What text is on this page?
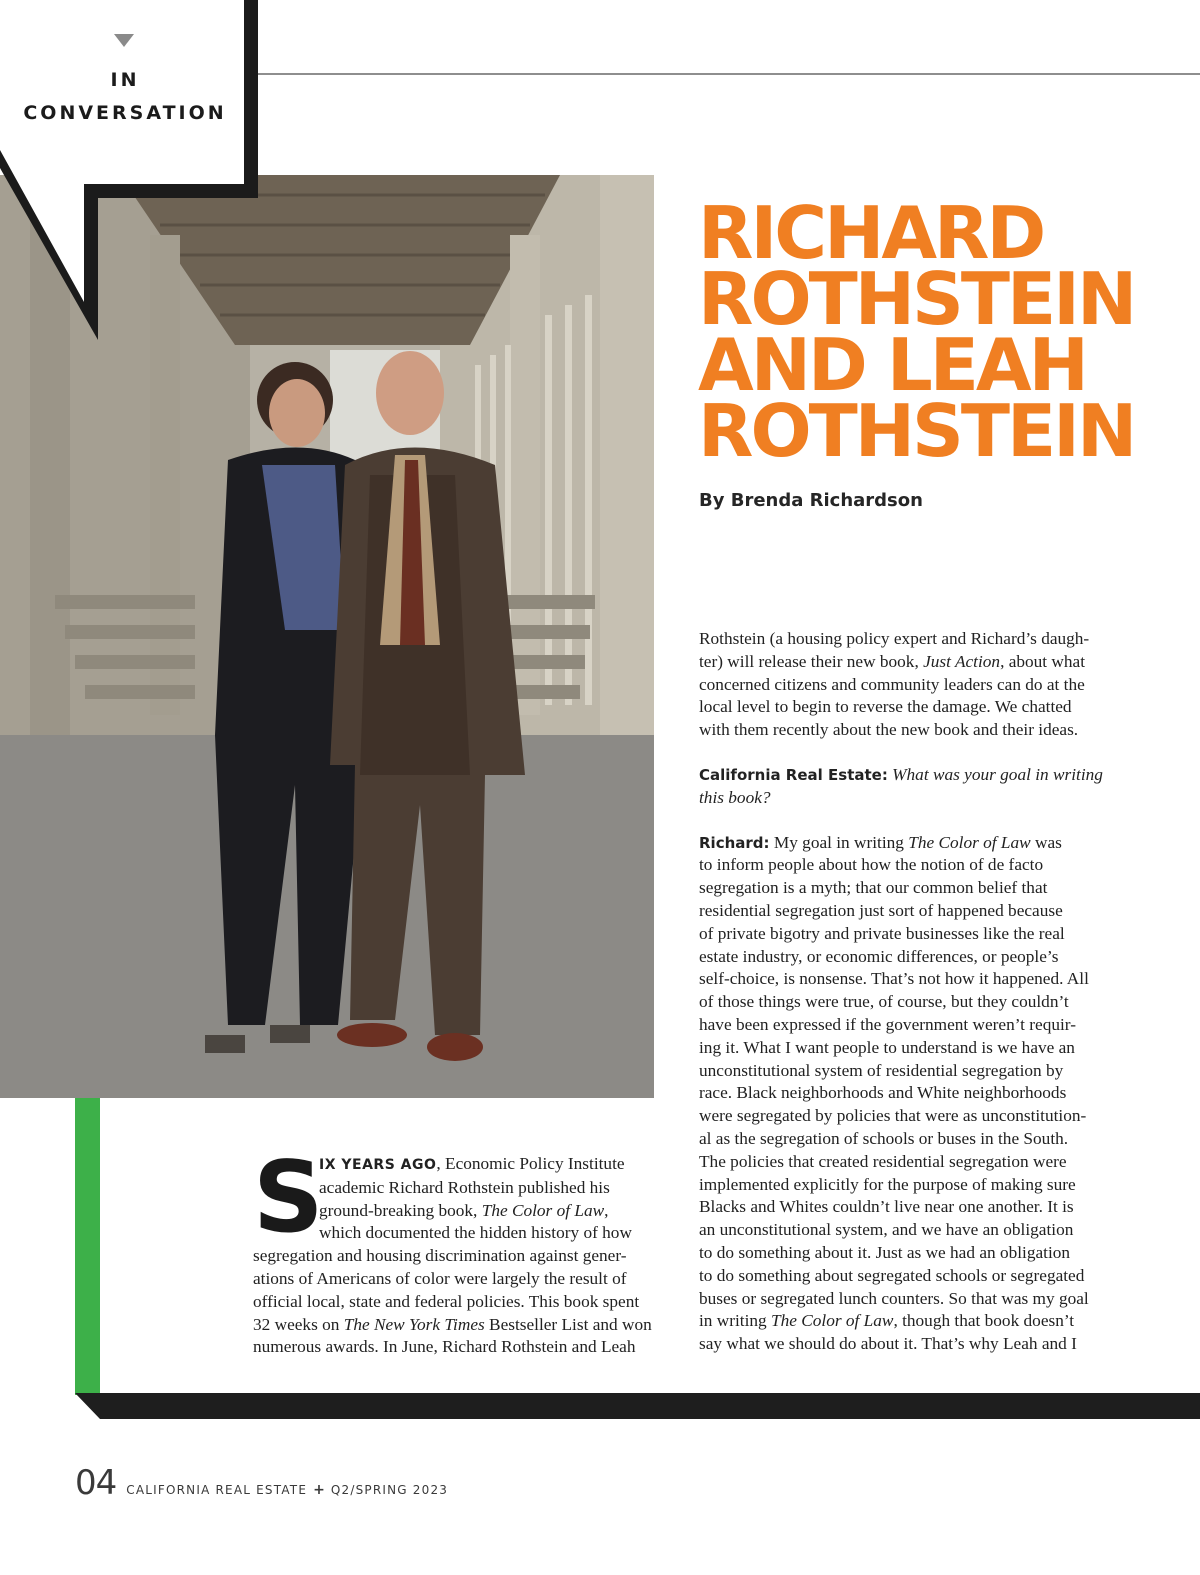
IN
CONVERSATION
RICHARD
ROTHSTEIN
AND LEAH
ROTHSTEIN
By Brenda Richardson
S
IX YEARS AGO, Economic Policy Institute
academic Richard Rothstein published his
ground-breaking book, The Color of Law,
which documented the hidden history of how
segregation and housing discrimination against gener-
ations of Americans of color were largely the result of
official local, state and federal policies. This book spent
32 weeks on The New York Times Bestseller List and won
numerous awards. In June, Richard Rothstein and Leah
Rothstein (a housing policy expert and Richard’s daugh-
ter) will release their new book, Just Action, about what
concerned citizens and community leaders can do at the
local level to begin to reverse the damage. We chatted
with them recently about the new book and their ideas.
California Real Estate: What was your goal in writing
this book?
Richard: My goal in writing The Color of Law was
to inform people about how the notion of de facto
segregation is a myth; that our common belief that
residential segregation just sort of happened because
of private bigotry and private businesses like the real
estate industry, or economic differences, or people’s
self-choice, is nonsense. That’s not how it happened. All
of those things were true, of course, but they couldn’t
have been expressed if the government weren’t requir-
ing it. What I want people to understand is we have an
unconstitutional system of residential segregation by
race. Black neighborhoods and White neighborhoods
were segregated by policies that were as unconstitution-
al as the segregation of schools or buses in the South.
The policies that created residential segregation were
implemented explicitly for the purpose of making sure
Blacks and Whites couldn’t live near one another. It is
an unconstitutional system, and we have an obligation
to do something about it. Just as we had an obligation
to do something about segregated schools or segregated
buses or segregated lunch counters. So that was my goal
in writing The Color of Law, though that book doesn’t
say what we should do about it. That’s why Leah and I
04 CALIFORNIA REAL ESTATE + Q2/SPRING 2023
